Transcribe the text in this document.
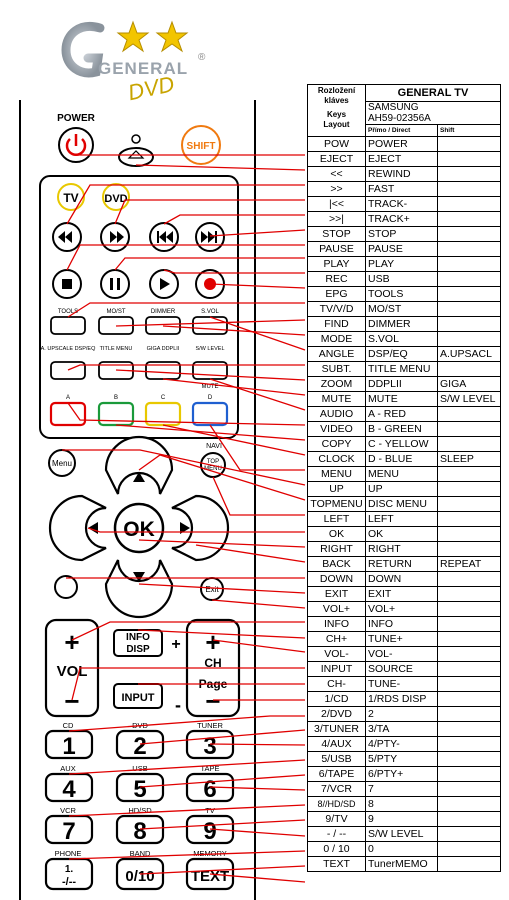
GENERAL
DVD
®
POWER
SHIFT
TV DVD
TOOLS	MO/ST	DIMMER	S.VOL
A. UPSCALE DSP/EQ TITLE MENU	GIGA DDPLII	S/W LEVEL
MUTE
A	B	C	D
Menu
NAVI
TOP
MENU
OK
Exit
+
VOL
−
INFO
DISP +
INPUT -
+
CH
Page
−
CD	DVD	TUNER
AUX	USB	TAPE
VCR	HD/SD	TV
PHONE	BAND	MEMORY
1 2 3
4 5 6
7 8 9
1.
-/--	0/10 TEXT
Rozložení
kláves
Keys
Layout	GENERAL TV	

	SAMSUNG
AH59-02356A	

	Přímo / Direct	Shift
POW	POWER	
EJECT	EJECT	
<<	REWIND	
>>	FAST	
|<<	TRACK-	
>>|	TRACK+	
STOP	STOP	
PAUSE	PAUSE	
PLAY	PLAY	
REC	USB	
EPG	TOOLS	
TV/V/D	MO/ST	
FIND	DIMMER	
MODE	S.VOL	
ANGLE	DSP/EQ	A.UPSACL
SUBT.	TITLE MENU	
ZOOM	DDPLII	GIGA
MUTE	MUTE	S/W LEVEL
AUDIO	A - RED	
VIDEO	B - GREEN	
COPY	C - YELLOW	
CLOCK	D - BLUE	SLEEP
MENU	MENU	
UP	UP	
TOPMENU	DISC MENU	
LEFT	LEFT	
OK	OK	
RIGHT	RIGHT	
BACK	RETURN	REPEAT
DOWN	DOWN	
EXIT	EXIT	
VOL+	VOL+	
INFO	INFO	
CH+	TUNE+	
VOL-	VOL-	
INPUT	SOURCE	
CH-	TUNE-	
1/CD	1/RDS DISP	
2/DVD	2	
3/TUNER	3/TA	
4/AUX	4/PTY-	
5/USB	5/PTY	
6/TAPE	6/PTY+	
7/VCR	7	
8//HD/SD	8	
9/TV	9	
- / --	S/W LEVEL	
0 / 10	0	
TEXT	TunerMEMO	
